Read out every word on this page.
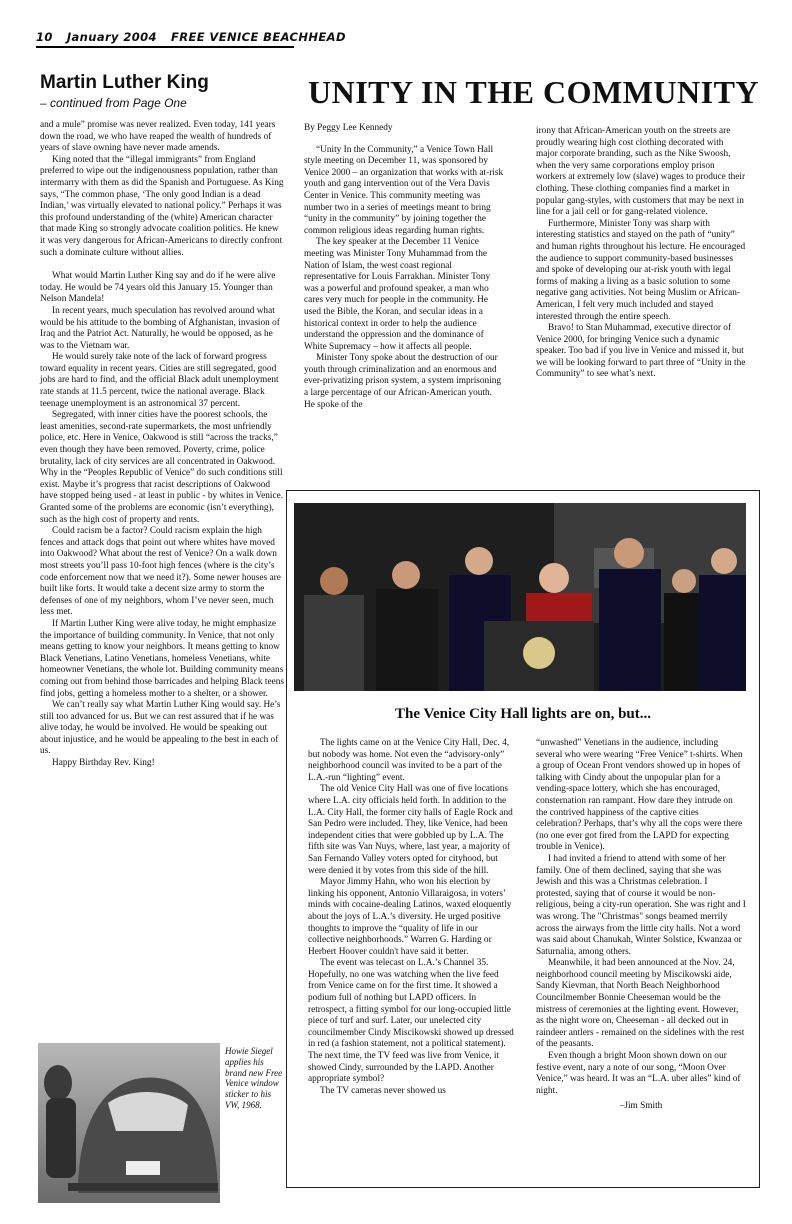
10 January 2004 FREE VENICE BEACHHEAD
Martin Luther King
– continued from Page One

and a mule” promise was never realized. Even today, 141 years down the road, we who have reaped the wealth of hundreds of years of slave owning have never made amends.

King noted that the “illegal immigrants” from England preferred to wipe out the indigenousness population, rather than intermarry with them as did the Spanish and Portuguese. As King says, “The common phase, ‘The only good Indian is a dead Indian,’ was virtually elevated to national policy.” Perhaps it was this profound understanding of the (white) American character that made King so strongly advocate coalition politics. He knew it was very dangerous for African-Americans to directly confront such a dominate culture without allies.

What would Martin Luther King say and do if he were alive today. He would be 74 years old this January 15. Younger than Nelson Mandela!

In recent years, much speculation has revolved around what would be his attitude to the bombing of Afghanistan, invasion of Iraq and the Patriot Act. Naturally, he would be opposed, as he was to the Vietnam war.

He would surely take note of the lack of forward progress toward equality in recent years. Cities are still segregated, good jobs are hard to find, and the official Black adult unemployment rate stands at 11.5 percent, twice the national average. Black teenage unemployment is an astronomical 37 percent.

Segregated, with inner cities have the poorest schools, the least amenities, second-rate supermarkets, the most unfriendly police, etc. Here in Venice, Oakwood is still “across the tracks,” even though they have been removed. Poverty, crime, police brutality, lack of city services are all concentrated in Oakwood. Why in the “Peoples Republic of Venice” do such conditions still exist. Maybe it’s progress that racist descriptions of Oakwood have stopped being used - at least in public - by whites in Venice. Granted some of the problems are economic (isn’t everything), such as the high cost of property and rents.

Could racism be a factor? Could racism explain the high fences and attack dogs that point out where whites have moved into Oakwood? What about the rest of Venice? On a walk down most streets you’ll pass 10-foot high fences (where is the city’s code enforcement now that we need it?). Some newer houses are built like forts. It would take a decent size army to storm the defenses of one of my neighbors, whom I’ve never seen, much less met.

If Martin Luther King were alive today, he might emphasize the importance of building community. In Venice, that not only means getting to know your neighbors. It means getting to know Black Venetians, Latino Venetians, homeless Venetians, white homeowner Venetians, the whole lot. Building community means coming out from behind those barricades and helping Black teens find jobs, getting a homeless mother to a shelter, or a shower.

We can’t really say what Martin Luther King would say. He’s still too advanced for us. But we can rest assured that if he was alive today, he would be involved. He would be speaking out about injustice, and he would be appealing to the best in each of us.

Happy Birthday Rev. King!

Howie Siegel applies his brand new Free Venice window sticker to his VW, 1968.
UNITY IN THE COMMUNITY

By Peggy Lee Kennedy

“Unity In the Community,” a Venice Town Hall style meeting on December 11, was sponsored by Venice 2000 – an organization that works with at-risk youth and gang intervention out of the Vera Davis Center in Venice. This community meeting was number two in a series of meetings meant to bring “unity in the community” by joining together the common religious ideas regarding human rights.

The key speaker at the December 11 Venice meeting was Minister Tony Muhammad from the Nation of Islam, the west coast regional representative for Louis Farrakhan. Minister Tony was a powerful and profound speaker, a man who cares very much for people in the community. He used the Bible, the Koran, and secular ideas in a historical context in order to help the audience understand the oppression and the dominance of White Supremacy – how it affects all people.

Minister Tony spoke about the destruction of our youth through criminalization and an enormous and ever-privatizing prison system, a system imprisoning a large percentage of our African-American youth. He spoke of the

irony that African-American youth on the streets are proudly wearing high cost clothing decorated with major corporate branding, such as the Nike Swoosh, when the very same corporations employ prison workers at extremely low (slave) wages to produce their clothing. These clothing companies find a market in popular gang-styles, with customers that may be next in line for a jail cell or for gang-related violence.

Furthermore, Minister Tony was sharp with interesting statistics and stayed on the path of “unity” and human rights throughout his lecture. He encouraged the audience to support community-based businesses and spoke of developing our at-risk youth with legal forms of making a living as a basic solution to some negative gang activities. Not being Muslim or African-American, I felt very much included and stayed interested through the entire speech.

Bravo! to Stan Muhammad, executive director of Venice 2000, for bringing Venice such a dynamic speaker. Too bad if you live in Venice and missed it, but we will be looking forward to part three of “Unity in the Community” to see what’s next.

The Venice City Hall lights are on, but...

The lights came on at the Venice City Hall, Dec. 4, but nobody was home. Not even the “advisory-only” neighborhood council was invited to be a part of the L.A.-run “lighting” event.

The old Venice City Hall was one of five locations where L.A. city officials held forth. In addition to the L.A. City Hall, the former city halls of Eagle Rock and San Pedro were included. They, like Venice, had been independent cities that were gobbled up by L.A. The fifth site was Van Nuys, where, last year, a majority of San Fernando Valley voters opted for cityhood, but were denied it by votes from this side of the hill.

Mayor Jimmy Hahn, who won his election by linking his opponent, Antonio Villaraigosa, in voters’ minds with cocaine-dealing Latinos, waxed eloquently about the joys of L.A.’s diversity. He urged positive thoughts to improve the “quality of life in our collective neighborhoods.” Warren G. Harding or Herbert Hoover couldn't have said it better.

The event was telecast on L.A.’s Channel 35. Hopefully, no one was watching when the live feed from Venice came on for the first time. It showed a podium full of nothing but LAPD officers. In retrospect, a fitting symbol for our long-occupied little piece of turf and surf. Later, our unelected city councilmember Cindy Miscikowski showed up dressed in red (a fashion statement, not a political statement). The next time, the TV feed was live from Venice, it showed Cindy, surrounded by the LAPD. Another appropriate symbol?

The TV cameras never showed us

“unwashed” Venetians in the audience, including several who were wearing “Free Venice” t-shirts. When a group of Ocean Front vendors showed up in hopes of talking with Cindy about the unpopular plan for a vending-space lottery, which she has encouraged, consternation ran rampant. How dare they intrude on the contrived happiness of the captive cities celebration? Perhaps, that’s why all the cops were there (no one ever got fired from the LAPD for expecting trouble in Venice).

I had invited a friend to attend with some of her family. One of them declined, saying that she was Jewish and this was a Christmas celebration. I protested, saying that of course it would be non-religious, being a city-run operation. She was right and I was wrong. The "Christmas" songs beamed merrily across the airways from the little city halls. Not a word was said about Chanukah, Winter Solstice, Kwanzaa or Saturnalia, among others.

Meanwhile, it had been announced at the Nov. 24, neighborhood council meeting by Miscikowski aide, Sandy Kievman, that North Beach Neighborhood Councilmember Bonnie Cheeseman would be the mistress of ceremonies at the lighting event. However, as the night wore on, Cheeseman - all decked out in raindeer antlers - remained on the sidelines with the rest of the peasants.

Even though a bright Moon shown down on our festive event, nary a note of our song, “Moon Over Venice,” was heard. It was an “L.A. uber alles” kind of night.

–Jim Smith
